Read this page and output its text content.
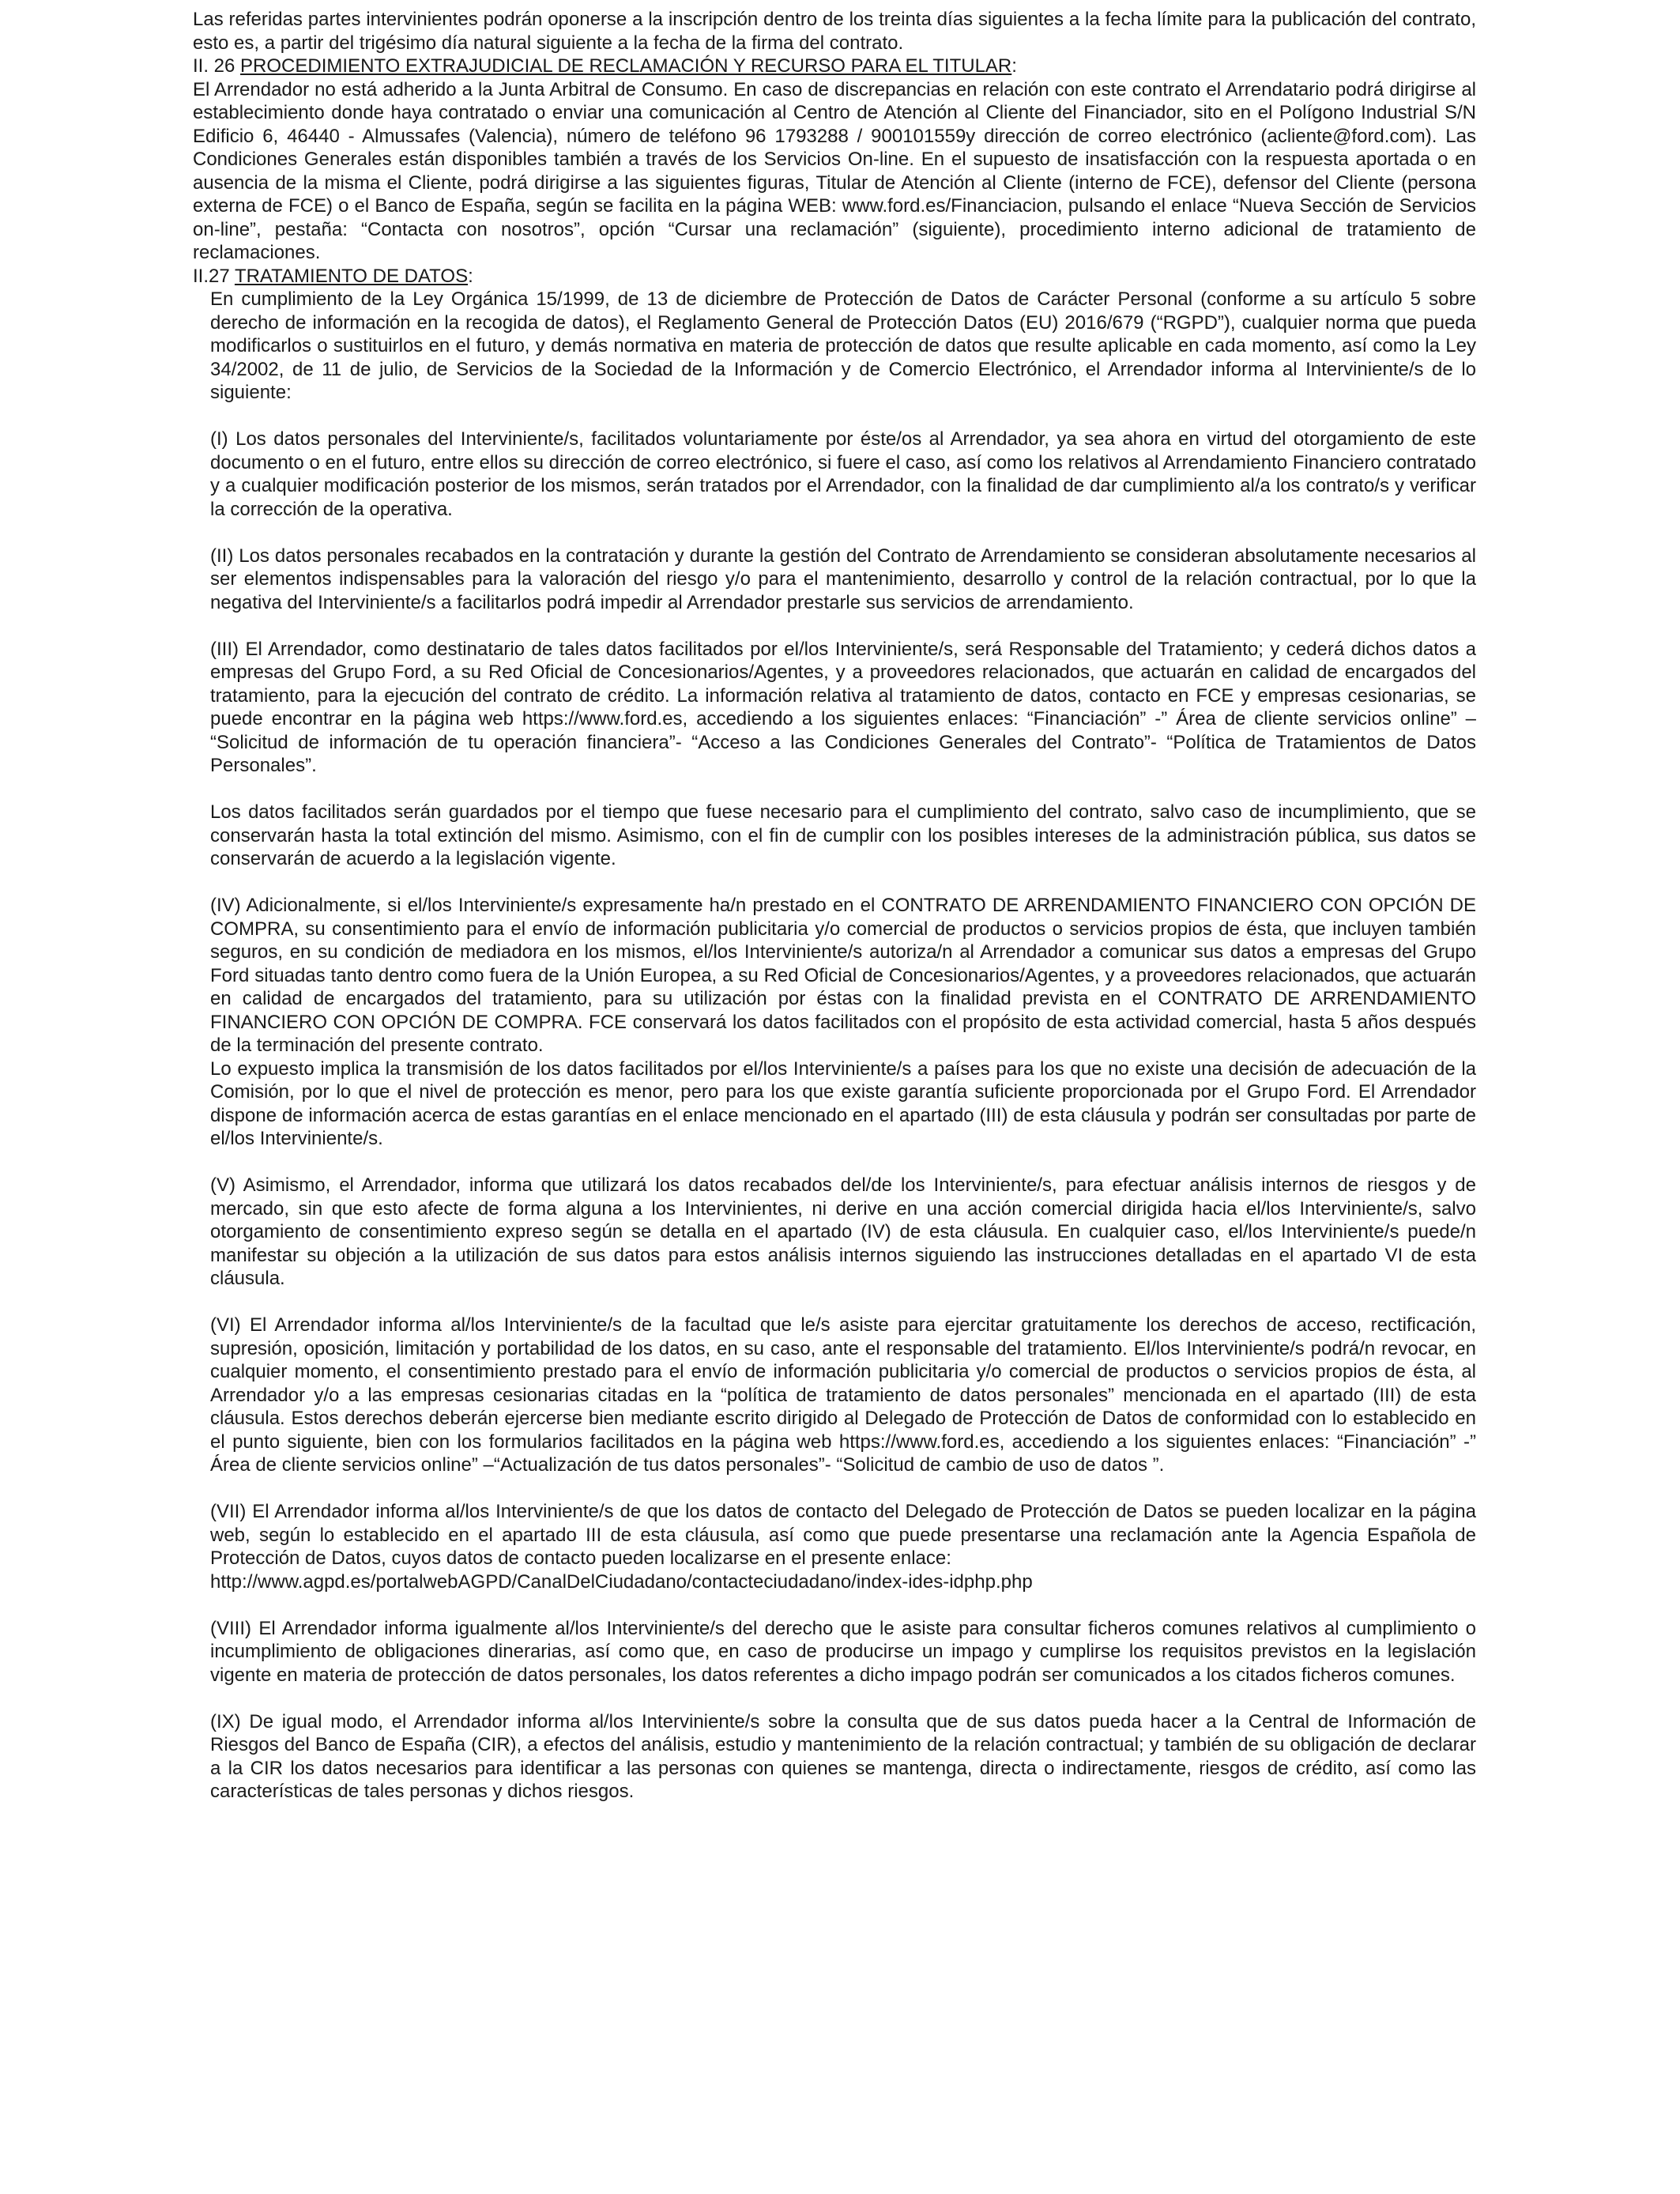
Las referidas partes intervinientes podrán oponerse a la inscripción dentro de los treinta días siguientes a la fecha límite para la publicación del contrato, esto es, a partir del trigésimo día natural siguiente a la fecha de la firma del contrato.

II. 26 PROCEDIMIENTO EXTRAJUDICIAL DE RECLAMACIÓN Y RECURSO PARA EL TITULAR:

El Arrendador no está adherido a la Junta Arbitral de Consumo. En caso de discrepancias en relación con este contrato el Arrendatario podrá dirigirse al establecimiento donde haya contratado o enviar una comunicación al Centro de Atención al Cliente del Financiador, sito en el Polígono Industrial S/N Edificio 6, 46440 - Almussafes (Valencia), número de teléfono 96 1793288 / 900101559y dirección de correo electrónico (acliente@ford.com). Las Condiciones Generales están disponibles también a través de los Servicios On-line. En el supuesto de insatisfacción con la respuesta aportada o en ausencia de la misma el Cliente, podrá dirigirse a las siguientes figuras, Titular de Atención al Cliente (interno de FCE), defensor del Cliente (persona externa de FCE) o el Banco de España, según se facilita en la página WEB: www.ford.es/Financiacion, pulsando el enlace “Nueva Sección de Servicios on-line”, pestaña: “Contacta con nosotros”, opción “Cursar una reclamación” (siguiente), procedimiento interno adicional de tratamiento de reclamaciones.

II.27 TRATAMIENTO DE DATOS:

En cumplimiento de la Ley Orgánica 15/1999, de 13 de diciembre de Protección de Datos de Carácter Personal (conforme a su artículo 5 sobre derecho de información en la recogida de datos), el Reglamento General de Protección Datos (EU) 2016/679 (“RGPD”), cualquier norma que pueda modificarlos o sustituirlos en el futuro, y demás normativa en materia de protección de datos que resulte aplicable en cada momento, así como la Ley 34/2002, de 11 de julio, de Servicios de la Sociedad de la Información y de Comercio Electrónico, el Arrendador informa al Interviniente/s de lo siguiente:

(I) Los datos personales del Interviniente/s, facilitados voluntariamente por éste/os al Arrendador, ya sea ahora en virtud del otorgamiento de este documento o en el futuro, entre ellos su dirección de correo electrónico, si fuere el caso, así como los relativos al Arrendamiento Financiero contratado y a cualquier modificación posterior de los mismos, serán tratados por el Arrendador, con la finalidad de dar cumplimiento al/a los contrato/s y verificar la corrección de la operativa.

(II) Los datos personales recabados en la contratación y durante la gestión del Contrato de Arrendamiento se consideran absolutamente necesarios al ser elementos indispensables para la valoración del riesgo y/o para el mantenimiento, desarrollo y control de la relación contractual, por lo que la negativa del Interviniente/s a facilitarlos podrá impedir al Arrendador prestarle sus servicios de arrendamiento.

(III) El Arrendador, como destinatario de tales datos facilitados por el/los Interviniente/s, será Responsable del Tratamiento; y cederá dichos datos a empresas del Grupo Ford, a su Red Oficial de Concesionarios/Agentes, y a proveedores relacionados, que actuarán en calidad de encargados del tratamiento, para la ejecución del contrato de crédito. La información relativa al tratamiento de datos, contacto en FCE y empresas cesionarias, se puede encontrar en la página web https://www.ford.es, accediendo a los siguientes enlaces: “Financiación” -” Área de cliente servicios online” – “Solicitud de información de tu operación financiera”- “Acceso a las Condiciones Generales del Contrato”- “Política de Tratamientos de Datos Personales”.

Los datos facilitados serán guardados por el tiempo que fuese necesario para el cumplimiento del contrato, salvo caso de incumplimiento, que se conservarán hasta la total extinción del mismo. Asimismo, con el fin de cumplir con los posibles intereses de la administración pública, sus datos se conservarán de acuerdo a la legislación vigente.

(IV) Adicionalmente, si el/los Interviniente/s expresamente ha/n prestado en el CONTRATO DE ARRENDAMIENTO FINANCIERO CON OPCIÓN DE COMPRA, su consentimiento para el envío de información publicitaria y/o comercial de productos o servicios propios de ésta, que incluyen también seguros, en su condición de mediadora en los mismos, el/los Interviniente/s autoriza/n al Arrendador a comunicar sus datos a empresas del Grupo Ford situadas tanto dentro como fuera de la Unión Europea, a su Red Oficial de Concesionarios/Agentes, y a proveedores relacionados, que actuarán en calidad de encargados del tratamiento, para su utilización por éstas con la finalidad prevista en el CONTRATO DE ARRENDAMIENTO FINANCIERO CON OPCIÓN DE COMPRA. FCE conservará los datos facilitados con el propósito de esta actividad comercial, hasta 5 años después de la terminación del presente contrato.

Lo expuesto implica la transmisión de los datos facilitados por el/los Interviniente/s a países para los que no existe una decisión de adecuación de la Comisión, por lo que el nivel de protección es menor, pero para los que existe garantía suficiente proporcionada por el Grupo Ford. El Arrendador dispone de información acerca de estas garantías en el enlace mencionado en el apartado (III) de esta cláusula y podrán ser consultadas por parte de el/los Interviniente/s.

(V) Asimismo, el Arrendador, informa que utilizará los datos recabados del/de los Interviniente/s, para efectuar análisis internos de riesgos y de mercado, sin que esto afecte de forma alguna a los Intervinientes, ni derive en una acción comercial dirigida hacia el/los Interviniente/s, salvo otorgamiento de consentimiento expreso según se detalla en el apartado (IV) de esta cláusula. En cualquier caso, el/los Interviniente/s puede/n manifestar su objeción a la utilización de sus datos para estos análisis internos siguiendo las instrucciones detalladas en el apartado VI de esta cláusula.

(VI) El Arrendador informa al/los Interviniente/s de la facultad que le/s asiste para ejercitar gratuitamente los derechos de acceso, rectificación, supresión, oposición, limitación y portabilidad de los datos, en su caso, ante el responsable del tratamiento. El/los Interviniente/s podrá/n revocar, en cualquier momento, el consentimiento prestado para el envío de información publicitaria y/o comercial de productos o servicios propios de ésta, al Arrendador y/o a las empresas cesionarias citadas en la “política de tratamiento de datos personales” mencionada en el apartado (III) de esta cláusula. Estos derechos deberán ejercerse bien mediante escrito dirigido al Delegado de Protección de Datos de conformidad con lo establecido en el punto siguiente, bien con los formularios facilitados en la página web https://www.ford.es, accediendo a los siguientes enlaces: “Financiación” -” Área de cliente servicios online” –“Actualización de tus datos personales”- “Solicitud de cambio de uso de datos ”.

(VII) El Arrendador informa al/los Interviniente/s de que los datos de contacto del Delegado de Protección de Datos se pueden localizar en la página web, según lo establecido en el apartado III de esta cláusula, así como que puede presentarse una reclamación ante la Agencia Española de Protección de Datos, cuyos datos de contacto pueden localizarse en el presente enlace:

http://www.agpd.es/portalwebAGPD/CanalDelCiudadano/contacteciudadano/index-ides-idphp.php

(VIII) El Arrendador informa igualmente al/los Interviniente/s del derecho que le asiste para consultar ficheros comunes relativos al cumplimiento o incumplimiento de obligaciones dinerarias, así como que, en caso de producirse un impago y cumplirse los requisitos previstos en la legislación vigente en materia de protección de datos personales, los datos referentes a dicho impago podrán ser comunicados a los citados ficheros comunes.

(IX) De igual modo, el Arrendador informa al/los Interviniente/s sobre la consulta que de sus datos pueda hacer a la Central de Información de Riesgos del Banco de España (CIR), a efectos del análisis, estudio y mantenimiento de la relación contractual; y también de su obligación de declarar a la CIR los datos necesarios para identificar a las personas con quienes se mantenga, directa o indirectamente, riesgos de crédito, así como las características de tales personas y dichos riesgos.
